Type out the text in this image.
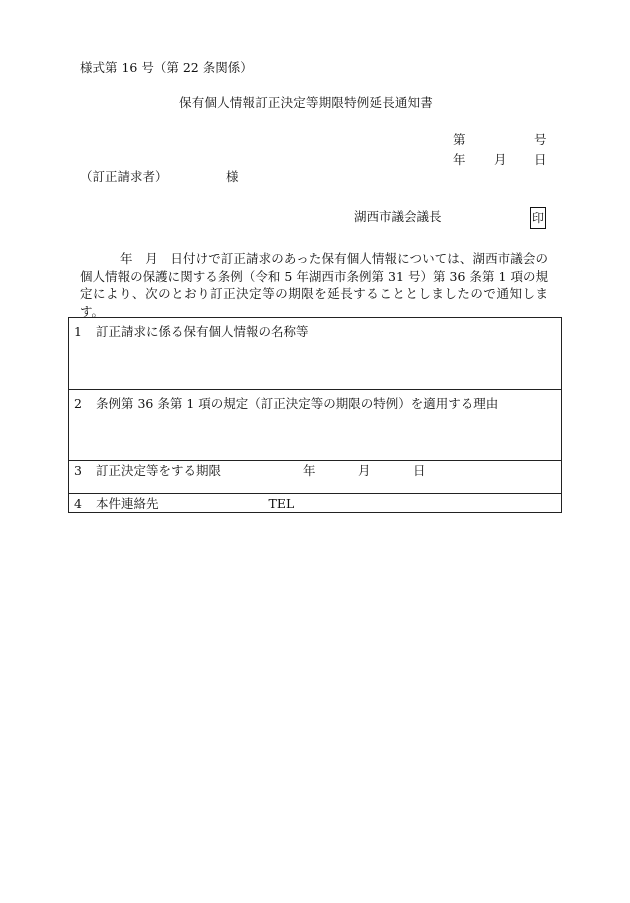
様式第 16 号（第 22 条関係）
保有個人情報訂正決定等期限特例延長通知書
第	号
年 月 日
（訂正請求者）	様
湖西市議会議長	印
年　月　日付けで訂正請求のあった保有個人情報については、湖西市議会の個人情報の保護に関する条例（令和 5 年湖西市条例第 31 号）第 36 条第 1 項の規定により、次のとおり訂正決定等の期限を延長することとしましたので通知します。
1	訂正請求に係る保有個人情報の名称等

2	条例第 36 条第 1 項の規定（訂正決定等の期限の特例）を適用する理由

3	訂正決定等をする期限	年	月	日

4	本件連絡先	TEL
